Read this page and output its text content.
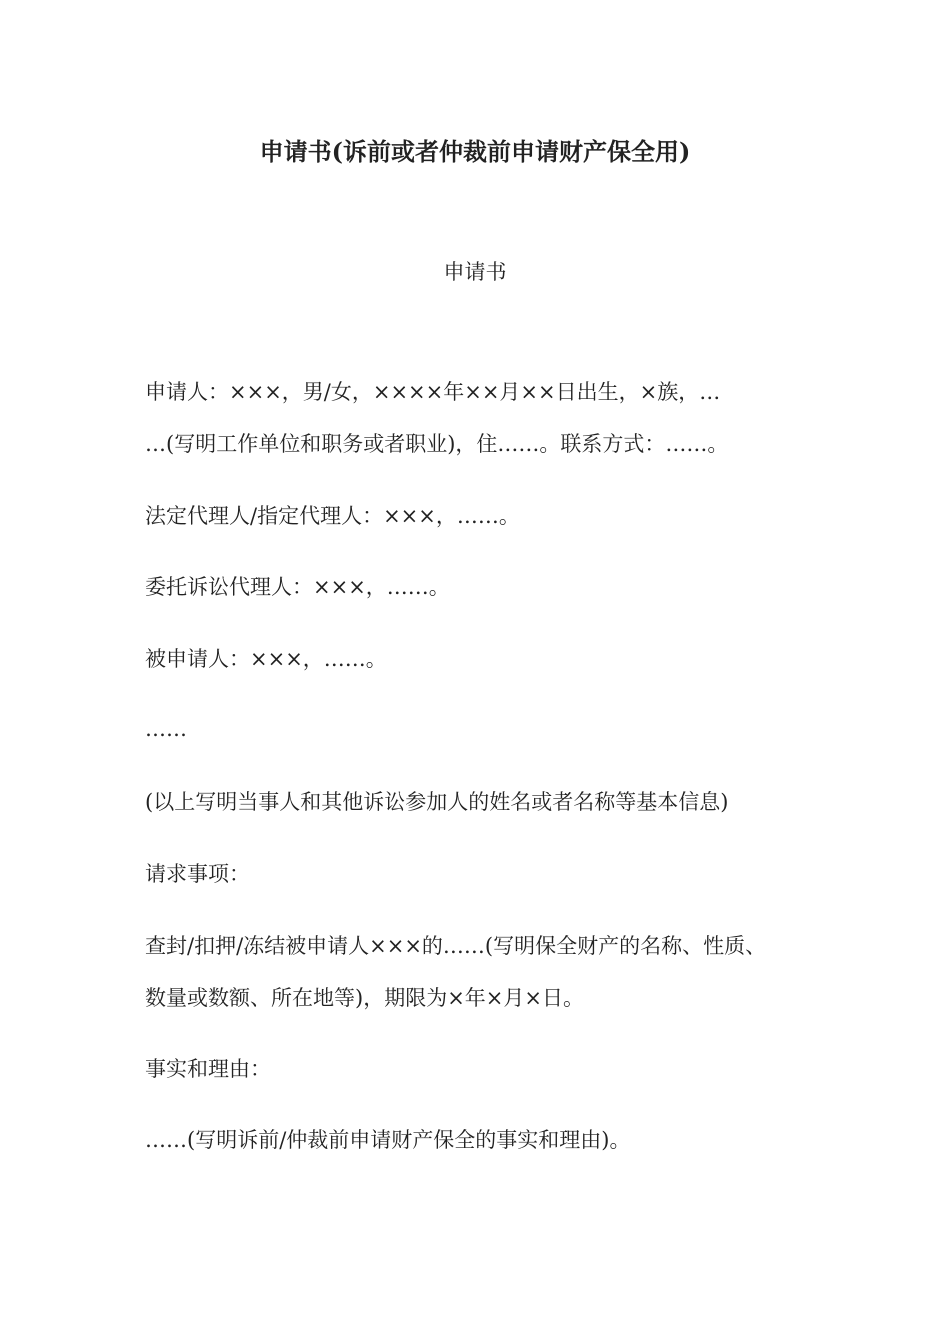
申请书(诉前或者仲裁前申请财产保全用)
申请书
申请人：×××，男/女，××××年××月××日出生，×族，…
…(写明工作单位和职务或者职业)，住……。联系方式：……。
法定代理人/指定代理人：×××，……。
委托诉讼代理人：×××，……。
被申请人：×××，……。
……
(以上写明当事人和其他诉讼参加人的姓名或者名称等基本信息)
请求事项：
查封/扣押/冻结被申请人×××的……(写明保全财产的名称、性质、
数量或数额、所在地等)，期限为×年×月×日。
事实和理由：
……(写明诉前/仲裁前申请财产保全的事实和理由)。
